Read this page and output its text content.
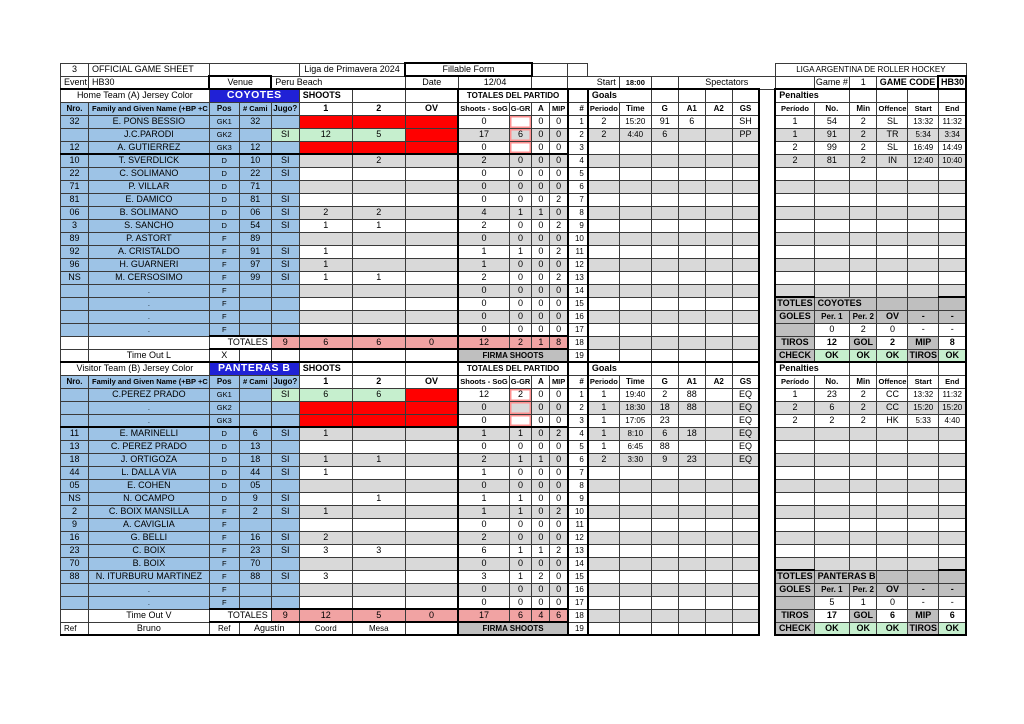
3	OFFICIAL GAME SHEET				Liga de Primavera 2024		Fillable Form													LIGA ARGENTINA DE ROLLER HOCKEY					
Event	HB30	Venue		Peru Beach			Date	12/04				Start		18:00		Spectators					Game #	1	GAME CODE		HB30
Home Team (A) Jersey Color		COYOTES			SHOOTS			TOTALES DEL PARTIDO					Goals							Penalties					
Nro.	Family and Given Name (+BP +C	Pos	# Cami	Jugo?	1	2	OV	Shoots - SoG	G-GR	A	MIP	#	Periodo	Time	G	A1	A2	GS		Período	No.	Min	Offence	Start	End
32	E. PONS BESSIO	GK1	32					0		0	0	1	2	15:20	91	6		SH		1	54	2	SL	13:32	11:32
	J.C.PARODI	GK2		SI	12	5		17	6	0	0	2	2	4:40	6			PP		1	91	2	TR	5:34	3:34
12	A. GUTIERREZ	GK3	12					0		0	0	3								2	99	2	SL	16:49	14:49
10	T. SVERDLICK	D	10	SI		2		2	0	0	0	4								2	81	2	IN	12:40	10:40
22	C. SOLIMANO	D	22	SI				0	0	0	0	5													
71	P. VILLAR	D	71					0	0	0	0	6													
81	E. DAMICO	D	81	SI				0	0	0	2	7													
06	B. SOLIMANO	D	06	SI	2	2		4	1	1	0	8													
3	S. SANCHO	D	54	SI	1	1		2	0	0	2	9													
89	P. ASTORT	F	89					0	0	0	0	10													
92	A. CRISTALDO	F	91	SI	1			1	1	0	2	11													
96	H. GUARNERI	F	97	SI	1			1	0	0	0	12													
NS	M. CERSOSIMO	F	99	SI	1	1		2	0	0	2	13													
	.	F						0	0	0	0	14													
	.	F						0	0	0	0	15								TOTLES	COYOTES				
	.	F						0	0	0	0	16								GOLES	Per. 1	Per. 2	OV	-	-
	.	F						0	0	0	0	17									0	2	0	-	-
		TOTALES		9	6	6	0	12	2	1	8	18								TIROS	12	GOL	2	MIP	8
	Time Out L	X						FIRMA SHOOTS				19								CHECK	OK	OK	OK	TIROS	OK
Visitor Team (B) Jersey Color		PANTERAS B			SHOOTS			TOTALES DEL PARTIDO					Goals							Penalties					
Nro.	Family and Given Name (+BP +C	Pos	# Cami	Jugo?	1	2	OV	Shoots - SoG	G-GR	A	MIP	#	Periodo	Time	G	A1	A2	GS		Período	No.	Min	Offence	Start	End
	C.PEREZ PRADO	GK1		SI	6	6		12	2	0	0	1	1	19:40	2	88		EQ		1	23	2	CC	13:32	11:32
	.	GK2						0		0	0	2	1	18:30	18	88		EQ		2	6	2	CC	15:20	15:20
	.	GK3						0		0	0	3	1	17:05	23			EQ		2	2	2	HK	5:33	4:40
11	E. MARINELLI	D	6	SI	1			1	1	0	2	4	1	8:10	6	18		EQ							
13	C. PEREZ PRADO	D	13					0	0	0	0	5	1	6:45	88			EQ							
18	J. ORTIGOZA	D	18	SI	1	1		2	1	1	0	6	2	3:30	9	23		EQ							
44	L. DALLA VIA	D	44	SI	1			1	0	0	0	7													
05	E. COHEN	D	05					0	0	0	0	8													
NS	N. OCAMPO	D	9	SI		1		1	1	0	0	9													
2	C. BOIX MANSILLA	F	2	SI	1			1	1	0	2	10													
9	A. CAVIGLIA	F						0	0	0	0	11													
16	G. BELLI	F	16	SI	2			2	0	0	0	12													
23	C. BOIX	F	23	SI	3	3		6	1	1	2	13													
70	B. BOIX	F	70					0	0	0	0	14													
88	N. ITURBURU MARTINEZ	F	88	SI	3			3	1	2	0	15								TOTLES	PANTERAS B				
	.	F						0	0	0	0	16								GOLES	Per. 1	Per. 2	OV	-	-
	.	F						0	0	0	0	17									5	1	0	-	-
	Time Out V	TOTALES		9	12	5	0	17	6	4	6	18								TIROS	17	GOL	6	MIP	6
Ref	Bruno	Ref	Agustín		Coord	Mesa		FIRMA SHOOTS				19								CHECK	OK	OK	OK	TIROS	OK
